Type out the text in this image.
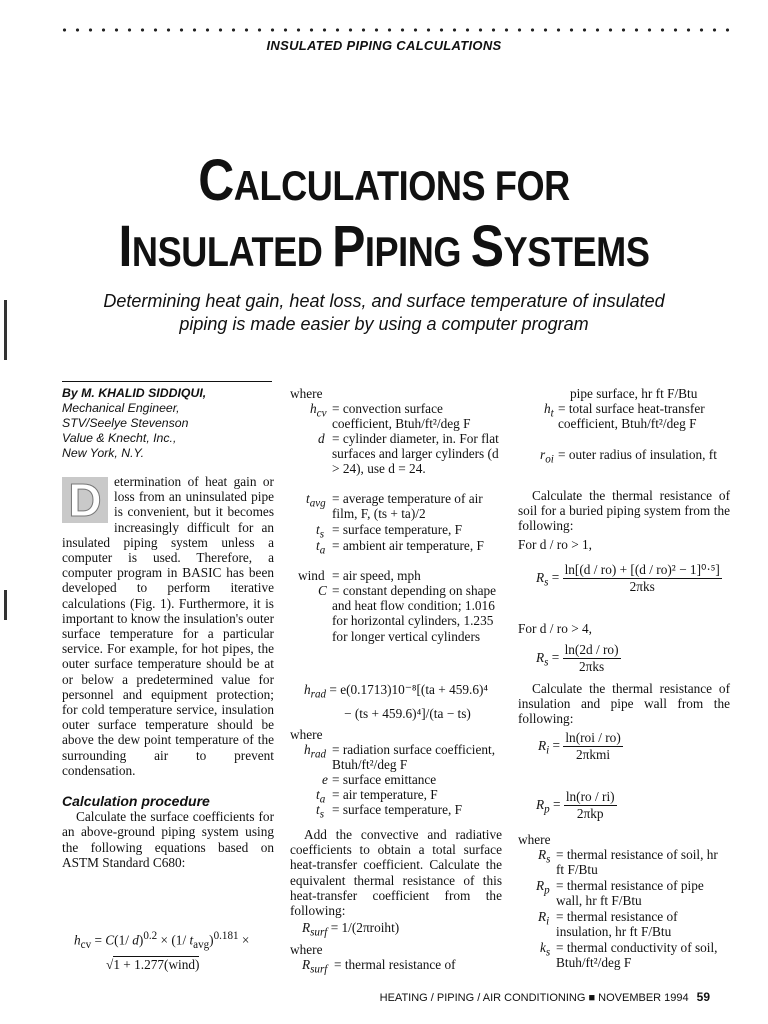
INSULATED PIPING CALCULATIONS
CALCULATIONS FOR
INSULATED PIPING SYSTEMS
Determining heat gain, heat loss, and surface temperature of insulated piping is made easier by using a computer program
By M. KHALID SIDDIQUI,
Mechanical Engineer,
STV/Seelye Stevenson
Value & Knecht, Inc.,
New York, N.Y.
D etermination of heat gain or loss from an uninsulated pipe is convenient, but it becomes increasingly difficult for an insulated piping system unless a computer is used. Therefore, a computer program in BASIC has been developed to perform iterative calculations (Fig. 1). Furthermore, it is important to know the insulation's outer surface temperature for a particular service. For example, for hot pipes, the outer surface temperature should be at or below a predetermined value for personnel and equipment protection; for cold temperature service, insulation outer surface temperature should be above the dew point temperature of the surrounding air to prevent condensation.
Calculation procedure
Calculate the surface coefficients for an above-ground piping system using the following equations based on ASTM Standard C680:
$h_{cv} = C(1/$ d)$^{0.2}$ × (1/ $t_{avg})^{0.181}$ ×
√1 + 1.277(wind)
where
$h_{cv}$ = convection surface coefficient, Btuh/ft²/deg F
d = cylinder diameter, in. For flat surfaces and larger cylinders (d > 24), use d = 24.
$t_{avg}$ = average temperature of air film, F, (ts + ta)/2
$t_s$ = surface temperature, F
$t_a$ = ambient air temperature, F
wind = air speed, mph
C = constant depending on shape and heat flow condition; 1.016 for horizontal cylinders, 1.235 for longer vertical cylinders
$h_{rad} = e(0.1713)10^{-8}[(ta + 459.6)^4$
− (ts + 459.6)⁴]/(ta − ts)
where
$h_{rad}$ = radiation surface coefficient, Btuh/ft²/deg F
e = surface emittance
$t_a$ = air temperature, F
$t_s$ = surface temperature, F
Add the convective and radiative coefficients to obtain a total surface heat-transfer coefficient. Calculate the equivalent thermal resistance of this heat-transfer coefficient from the following:
$R_{surf}$ = 1/(2πroiht)
where
$R_{surf}$ = thermal resistance of
pipe surface, hr ft F/Btu
$h_t$ = total surface heat-transfer coefficient, Btuh/ft²/deg F
$r_{oi}$ = outer radius of insulation, ft
Calculate the thermal resistance of soil for a buried piping system from the following:
For d / ro > 1,
$R_s = \frac{\text{ln[(d / ro) + [(d / ro)² − 1]⁰·⁵]}}{\text{2πks}}$
For d / ro > 4,
$R_s = \frac{\ln(2d / ro)}{\text{2πks}}$
Calculate the thermal resistance of insulation and pipe wall from the following:
$R_i = \frac{\text{ln(roi / ro)}}{\text{2πkmi}}$
$R_p = \frac{\ln(ro / ri)}{\text{2πkp}}$
where
$R_s$ = thermal resistance of soil, hr ft F/Btu
$R_p$ = thermal resistance of pipe wall, hr ft F/Btu
$R_i$ = thermal resistance of insulation, hr ft F/Btu
$k_s$ = thermal conductivity of soil, Btuh/ft²/deg F
HEATING / PIPING / AIR CONDITIONING ■ NOVEMBER 1994 59
